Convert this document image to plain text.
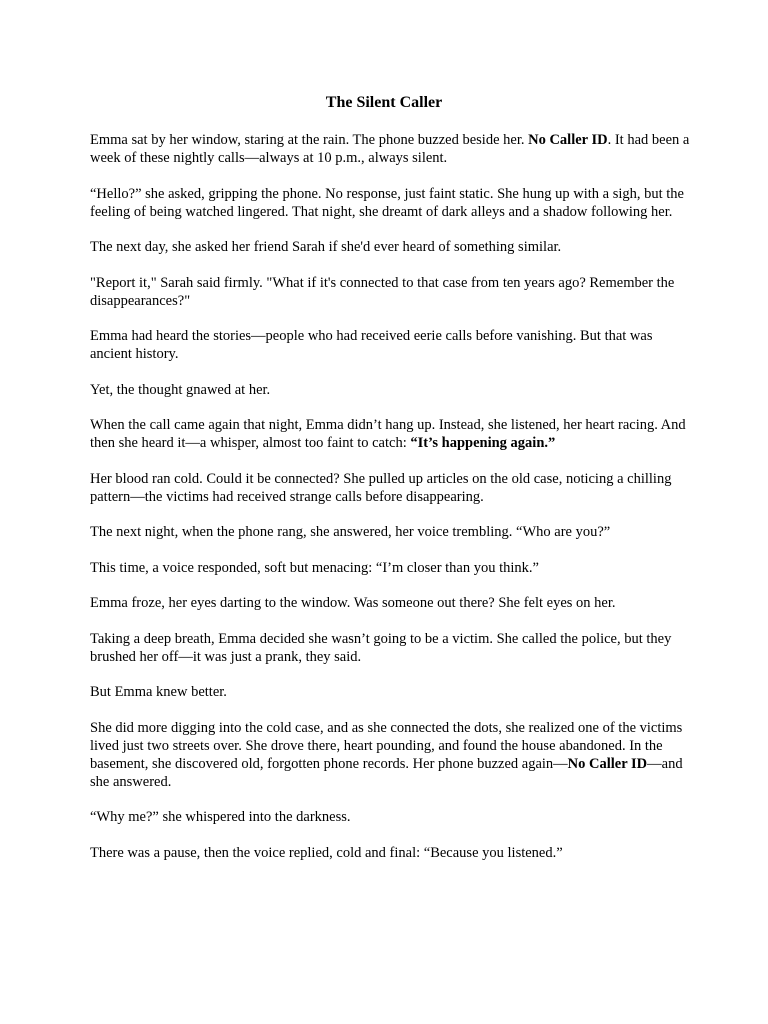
The Silent Caller

Emma sat by her window, staring at the rain. The phone buzzed beside her. No Caller ID. It had been a week of these nightly calls—always at 10 p.m., always silent.

“Hello?” she asked, gripping the phone. No response, just faint static. She hung up with a sigh, but the feeling of being watched lingered. That night, she dreamt of dark alleys and a shadow following her.

The next day, she asked her friend Sarah if she'd ever heard of something similar.

"Report it," Sarah said firmly. "What if it's connected to that case from ten years ago? Remember the disappearances?"

Emma had heard the stories—people who had received eerie calls before vanishing. But that was ancient history.

Yet, the thought gnawed at her.

When the call came again that night, Emma didn’t hang up. Instead, she listened, her heart racing. And then she heard it—a whisper, almost too faint to catch: “It’s happening again.”

Her blood ran cold. Could it be connected? She pulled up articles on the old case, noticing a chilling pattern—the victims had received strange calls before disappearing.

The next night, when the phone rang, she answered, her voice trembling. “Who are you?”

This time, a voice responded, soft but menacing: “I’m closer than you think.”

Emma froze, her eyes darting to the window. Was someone out there? She felt eyes on her.

Taking a deep breath, Emma decided she wasn’t going to be a victim. She called the police, but they brushed her off—it was just a prank, they said.

But Emma knew better.

She did more digging into the cold case, and as she connected the dots, she realized one of the victims lived just two streets over. She drove there, heart pounding, and found the house abandoned. In the basement, she discovered old, forgotten phone records. Her phone buzzed again—No Caller ID—and she answered.

“Why me?” she whispered into the darkness.

There was a pause, then the voice replied, cold and final: “Because you listened.”
